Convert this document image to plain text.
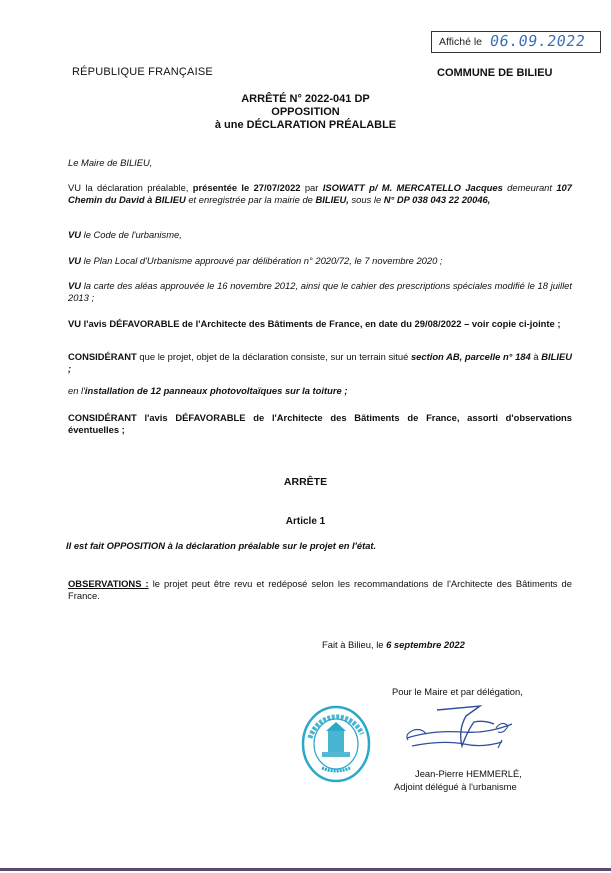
Affiché le 06.09.2022
RÉPUBLIQUE FRANÇAISE	COMMUNE DE BILIEU
ARRÊTÉ N° 2022-041 DP
OPPOSITION
à une DÉCLARATION PRÉALABLE
Le Maire de BILIEU,
VU la déclaration préalable, présentée le 27/07/2022 par ISOWATT p/ M. MERCATELLO Jacques demeurant 107 Chemin du David à BILIEU et enregistrée par la mairie de BILIEU, sous le N° DP 038 043 22 20046,
VU le Code de l'urbanisme,
VU le Plan Local d'Urbanisme approuvé par délibération n° 2020/72, le 7 novembre 2020 ;
VU la carte des aléas approuvée le 16 novembre 2012, ainsi que le cahier des prescriptions spéciales modifié le 18 juillet 2013 ;
VU l'avis DÉFAVORABLE de l'Architecte des Bâtiments de France, en date du 29/08/2022 – voir copie ci-jointe ;
CONSIDÉRANT que le projet, objet de la déclaration consiste, sur un terrain situé section AB, parcelle n° 184 à BILIEU ;
en l'installation de 12 panneaux photovoltaïques sur la toiture ;
CONSIDÉRANT l'avis DÉFAVORABLE de l'Architecte des Bâtiments de France, assorti d'observations éventuelles ;
ARRÊTE
Article 1
Il est fait OPPOSITION à la déclaration préalable sur le projet en l'état.
OBSERVATIONS : le projet peut être revu et redéposé selon les recommandations de l'Architecte des Bâtiments de France.
Fait à Bilieu, le 6 septembre 2022
Pour le Maire et par délégation,
Jean-Pierre HEMMERLÉ,
Adjoint délégué à l'urbanisme
